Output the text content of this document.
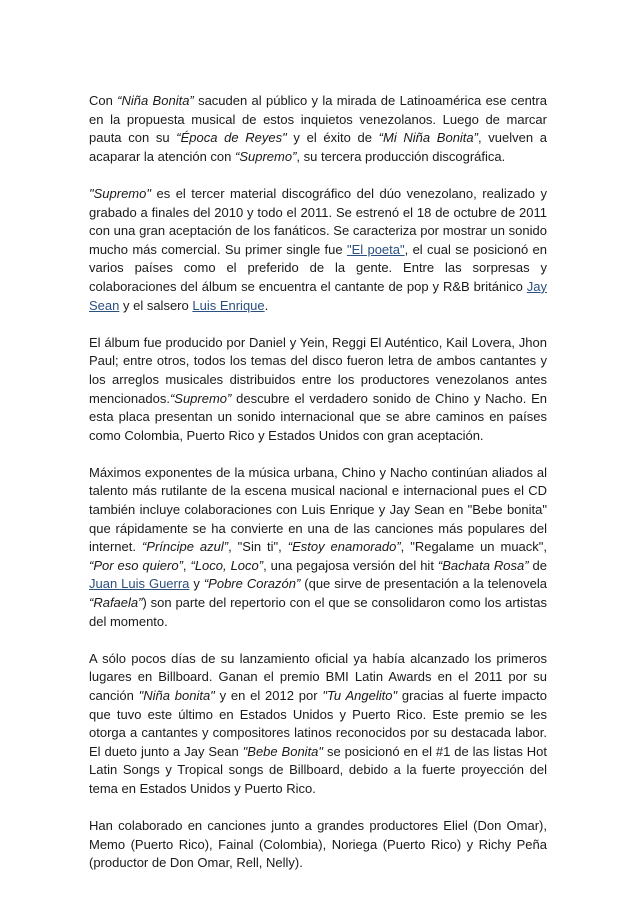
Con “Niña Bonita” sacuden al público y la mirada de Latinoamérica ese centra en la propuesta musical de estos inquietos venezolanos. Luego de marcar pauta con su “Época de Reyes" y el éxito de “Mi Niña Bonita”, vuelven a acaparar la atención con “Supremo”, su tercera producción discográfica.

"Supremo" es el tercer material discográfico del dúo venezolano, realizado y grabado a finales del 2010 y todo el 2011. Se estrenó el 18 de octubre de 2011 con una gran aceptación de los fanáticos. Se caracteriza por mostrar un sonido mucho más comercial. Su primer single fue "El poeta", el cual se posicionó en varios países como el preferido de la gente. Entre las sorpresas y colaboraciones del álbum se encuentra el cantante de pop y R&B británico Jay Sean y el salsero Luis Enrique.

El álbum fue producido por Daniel y Yein, Reggi El Auténtico, Kail Lovera, Jhon Paul; entre otros, todos los temas del disco fueron letra de ambos cantantes y los arreglos musicales distribuidos entre los productores venezolanos antes mencionados.“Supremo” descubre el verdadero sonido de Chino y Nacho. En esta placa presentan un sonido internacional que se abre caminos en países como Colombia, Puerto Rico y Estados Unidos con gran aceptación.

Máximos exponentes de la música urbana, Chino y Nacho continúan aliados al talento más rutilante de la escena musical nacional e internacional pues el CD también incluye colaboraciones con Luis Enrique y Jay Sean en "Bebe bonita" que rápidamente se ha convierte en una de las canciones más populares del internet. “Príncipe azul”, "Sin ti", “Estoy enamorado”, "Regalame un muack", “Por eso quiero”, “Loco, Loco”, una pegajosa versión del hit “Bachata Rosa” de Juan Luis Guerra y “Pobre Corazón” (que sirve de presentación a la telenovela “Rafaela”) son parte del repertorio con el que se consolidaron como los artistas del momento.

A sólo pocos días de su lanzamiento oficial ya había alcanzado los primeros lugares en Billboard. Ganan el premio BMI Latin Awards en el 2011 por su canción "Niña bonita" y en el 2012 por "Tu Angelito" gracias al fuerte impacto que tuvo este último en Estados Unidos y Puerto Rico. Este premio se les otorga a cantantes y compositores latinos reconocidos por su destacada labor. El dueto junto a Jay Sean "Bebe Bonita" se posicionó en el #1 de las listas Hot Latin Songs y Tropical songs de Billboard, debido a la fuerte proyección del tema en Estados Unidos y Puerto Rico.

Han colaborado en canciones junto a grandes productores Eliel (Don Omar), Memo (Puerto Rico), Fainal (Colombia), Noriega (Puerto Rico) y Richy Peña (productor de Don Omar, Rell, Nelly).
